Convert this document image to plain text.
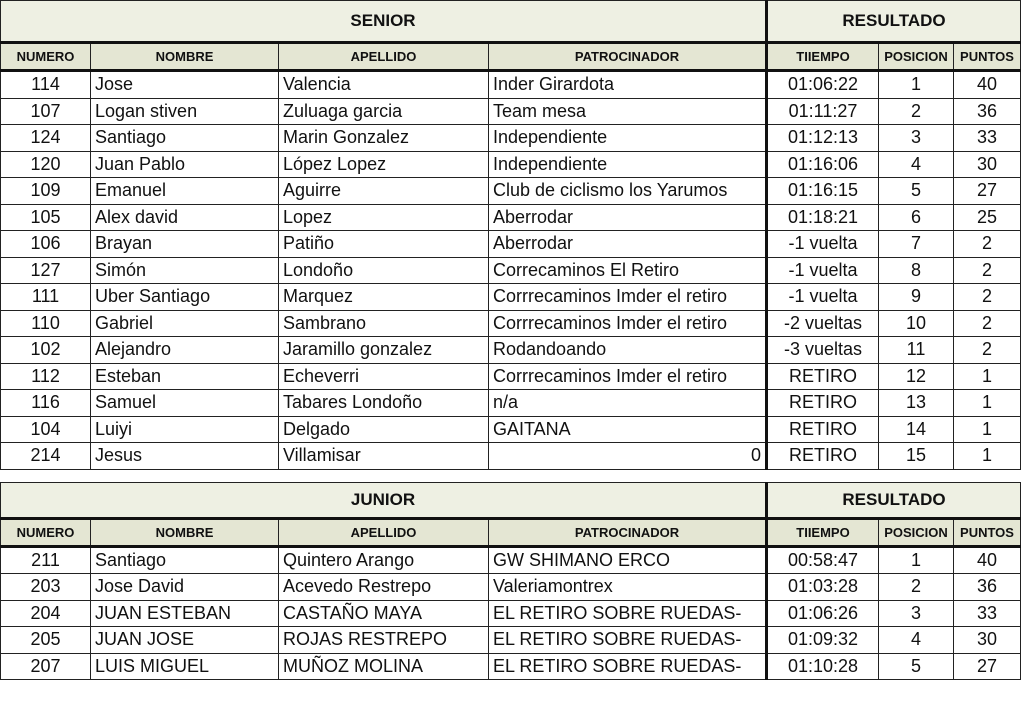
SENIOR				RESULTADO		
NUMERO	NOMBRE	APELLIDO	PATROCINADOR	TIIEMPO	POSICION	PUNTOS
114	Jose	Valencia	Inder Girardota	01:06:22	1	40
107	Logan stiven	Zuluaga garcia	Team mesa	01:11:27	2	36
124	Santiago	Marin Gonzalez	Independiente	01:12:13	3	33
120	Juan Pablo	López Lopez	Independiente	01:16:06	4	30
109	Emanuel	Aguirre	Club de ciclismo los Yarumos	01:16:15	5	27
105	Alex david	Lopez	Aberrodar	01:18:21	6	25
106	Brayan	Patiño	Aberrodar	-1 vuelta	7	2
127	Simón	Londoño	Correcaminos El Retiro	-1 vuelta	8	2
111	Uber Santiago	Marquez	Corrrecaminos Imder el retiro	-1 vuelta	9	2
110	Gabriel	Sambrano	Corrrecaminos Imder el retiro	-2 vueltas	10	2
102	Alejandro	Jaramillo gonzalez	Rodandoando	-3 vueltas	11	2
112	Esteban	Echeverri	Corrrecaminos Imder el retiro	RETIRO	12	1
116	Samuel	Tabares Londoño	n/a	RETIRO	13	1
104	Luiyi	Delgado	GAITANA	RETIRO	14	1
214	Jesus	Villamisar	0	RETIRO	15	1

JUNIOR				RESULTADO		
NUMERO	NOMBRE	APELLIDO	PATROCINADOR	TIIEMPO	POSICION	PUNTOS
211	Santiago	Quintero Arango	GW SHIMANO ERCO	00:58:47	1	40
203	Jose David	Acevedo Restrepo	Valeriamontrex	01:03:28	2	36
204	JUAN ESTEBAN	CASTAÑO MAYA	EL RETIRO SOBRE RUEDAS-	01:06:26	3	33
205	JUAN JOSE	ROJAS RESTREPO	EL RETIRO SOBRE RUEDAS-	01:09:32	4	30
207	LUIS MIGUEL	MUÑOZ MOLINA	EL RETIRO SOBRE RUEDAS-	01:10:28	5	27
